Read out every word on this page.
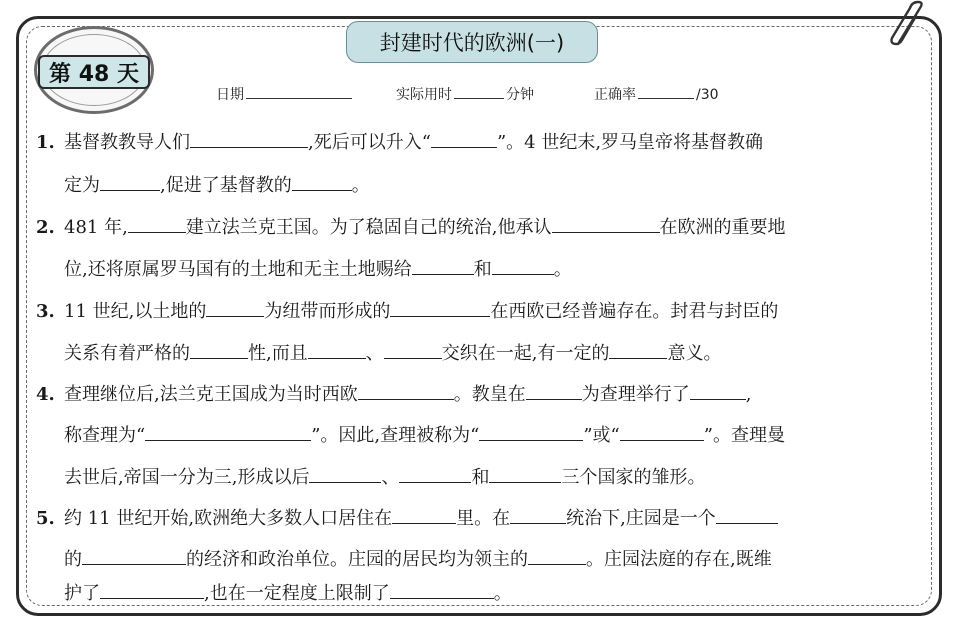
第 48 天
封建时代的欧洲(一)
日期	实际用时	分钟	正确率	/30
1. 基督教教导人们	,死后可以升入“	”。4 世纪末,罗马皇帝将基督教确
定为	,促进了基督教的	。
2. 481 年,	建立法兰克王国。为了稳固自己的统治,他承认	在欧洲的重要地
位,还将原属罗马国有的土地和无主土地赐给	和	。
3. 11 世纪,以土地的	为纽带而形成的	在西欧已经普遍存在。封君与封臣的
关系有着严格的	性,而且	、	交织在一起,有一定的	意义。
4. 查理继位后,法兰克王国成为当时西欧	。教皇在	为查理举行了	,
称查理为“	”。因此,查理被称为“	”或“	”。查理曼
去世后,帝国一分为三,形成以后	、	和	三个国家的雏形。
5. 约 11 世纪开始,欧洲绝大多数人口居住在	里。在	统治下,庄园是一个
的	的经济和政治单位。庄园的居民均为领主的	。庄园法庭的存在,既维
护了	,也在一定程度上限制了	。
